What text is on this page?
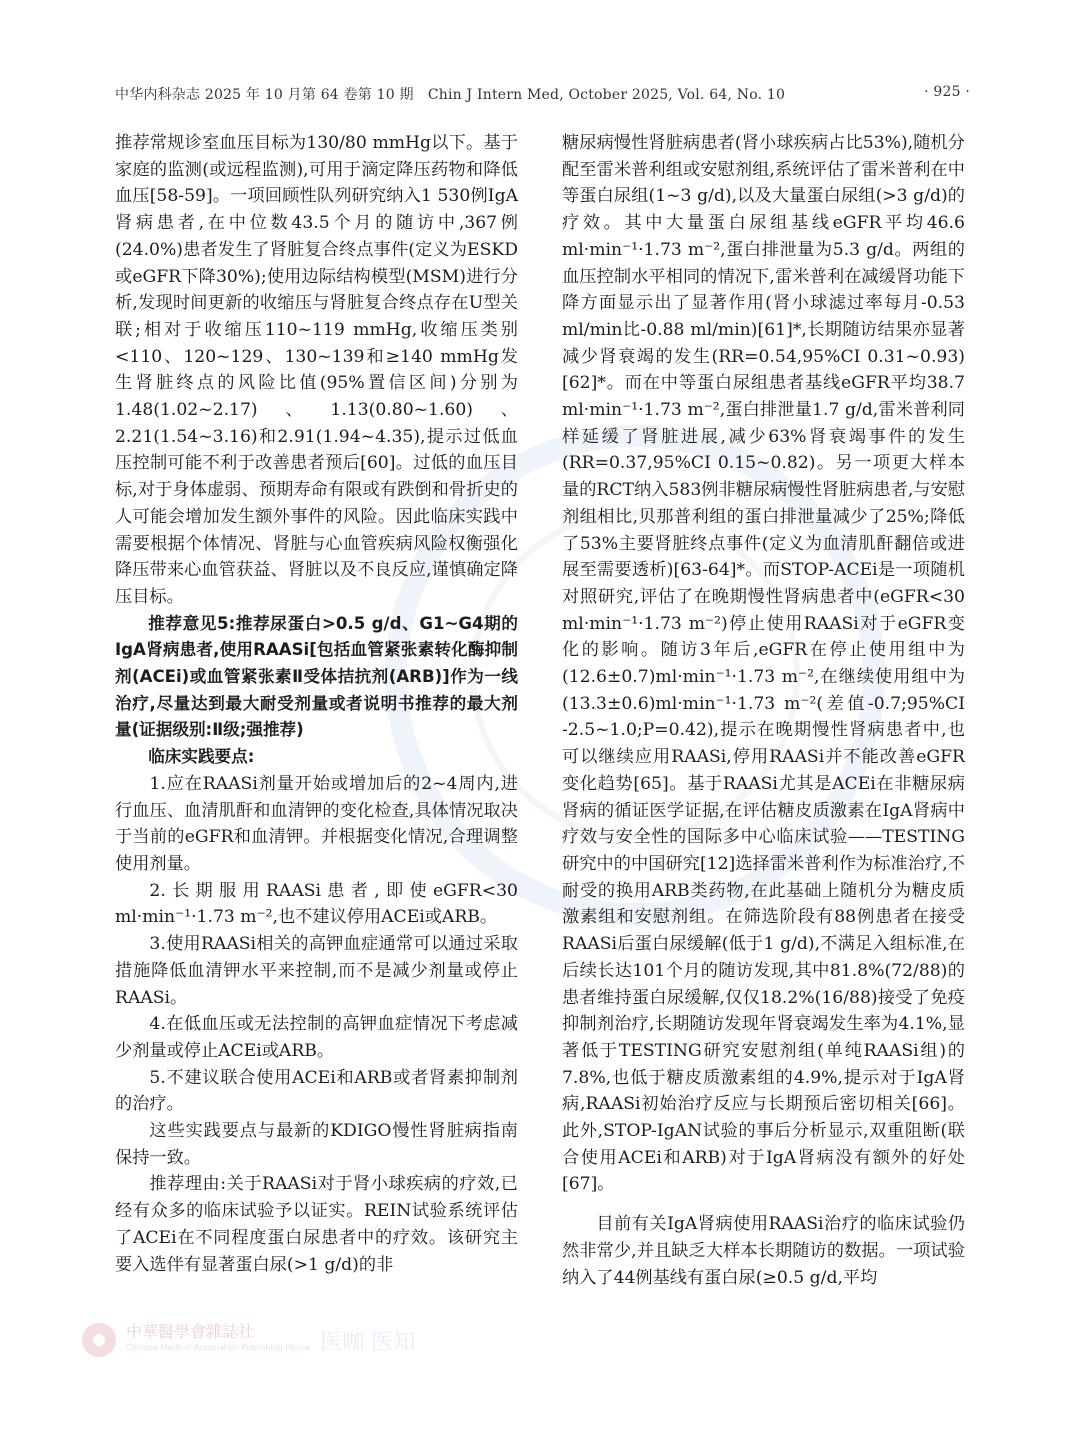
中华内科杂志 2025 年 10 月第 64 卷第 10 期　Chin J Intern Med, October 2025, Vol. 64, No. 10	· 925 ·

推荐常规诊室血压目标为130/80 mmHg以下。基于家庭的监测(或远程监测),可用于滴定降压药物和降低血压[58-59]。一项回顾性队列研究纳入1 530例IgA肾病患者,在中位数43.5个月的随访中,367例(24.0%)患者发生了肾脏复合终点事件(定义为ESKD或eGFR下降30%);使用边际结构模型(MSM)进行分析,发现时间更新的收缩压与肾脏复合终点存在U型关联;相对于收缩压110~119 mmHg,收缩压类别<110、120~129、130~139和≥140 mmHg发生肾脏终点的风险比值(95%置信区间)分别为1.48(1.02~2.17)、1.13(0.80~1.60)、2.21(1.54~3.16)和2.91(1.94~4.35),提示过低血压控制可能不利于改善患者预后[60]。过低的血压目标,对于身体虚弱、预期寿命有限或有跌倒和骨折史的人可能会增加发生额外事件的风险。因此临床实践中需要根据个体情况、肾脏与心血管疾病风险权衡强化降压带来心血管获益、肾脏以及不良反应,谨慎确定降压目标。

推荐意见5:推荐尿蛋白>0.5 g/d、G1~G4期的IgA肾病患者,使用RAASi[包括血管紧张素转化酶抑制剂(ACEi)或血管紧张素Ⅱ受体拮抗剂(ARB)]作为一线治疗,尽量达到最大耐受剂量或者说明书推荐的最大剂量(证据级别:Ⅱ级;强推荐)

临床实践要点:

1.应在RAASi剂量开始或增加后的2~4周内,进行血压、血清肌酐和血清钾的变化检查,具体情况取决于当前的eGFR和血清钾。并根据变化情况,合理调整使用剂量。

2.长期服用RAASi患者,即使eGFR<30 ml·min⁻¹·1.73 m⁻²,也不建议停用ACEi或ARB。

3.使用RAASi相关的高钾血症通常可以通过采取措施降低血清钾水平来控制,而不是减少剂量或停止RAASi。

4.在低血压或无法控制的高钾血症情况下考虑减少剂量或停止ACEi或ARB。

5.不建议联合使用ACEi和ARB或者肾素抑制剂的治疗。

这些实践要点与最新的KDIGO慢性肾脏病指南保持一致。

推荐理由:关于RAASi对于肾小球疾病的疗效,已经有众多的临床试验予以证实。REIN试验系统评估了ACEi在不同程度蛋白尿患者中的疗效。该研究主要入选伴有显著蛋白尿(>1 g/d)的非

糖尿病慢性肾脏病患者(肾小球疾病占比53%),随机分配至雷米普利组或安慰剂组,系统评估了雷米普利在中等蛋白尿组(1~3 g/d),以及大量蛋白尿组(>3 g/d)的疗效。其中大量蛋白尿组基线eGFR平均46.6 ml·min⁻¹·1.73 m⁻²,蛋白排泄量为5.3 g/d。两组的血压控制水平相同的情况下,雷米普利在减缓肾功能下降方面显示出了显著作用(肾小球滤过率每月-0.53 ml/min比-0.88 ml/min)[61]*,长期随访结果亦显著减少肾衰竭的发生(RR=0.54,95%CI 0.31~0.93)[62]*。而在中等蛋白尿组患者基线eGFR平均38.7 ml·min⁻¹·1.73 m⁻²,蛋白排泄量1.7 g/d,雷米普利同样延缓了肾脏进展,减少63%肾衰竭事件的发生(RR=0.37,95%CI 0.15~0.82)。另一项更大样本量的RCT纳入583例非糖尿病慢性肾脏病患者,与安慰剂组相比,贝那普利组的蛋白排泄量减少了25%;降低了53%主要肾脏终点事件(定义为血清肌酐翻倍或进展至需要透析)[63-64]*。而STOP-ACEi是一项随机对照研究,评估了在晚期慢性肾病患者中(eGFR<30 ml·min⁻¹·1.73 m⁻²)停止使用RAASi对于eGFR变化的影响。随访3年后,eGFR在停止使用组中为(12.6±0.7)ml·min⁻¹·1.73 m⁻²,在继续使用组中为(13.3±0.6)ml·min⁻¹·1.73 m⁻²(差值-0.7;95%CI -2.5~1.0;P=0.42),提示在晚期慢性肾病患者中,也可以继续应用RAASi,停用RAASi并不能改善eGFR变化趋势[65]。基于RAASi尤其是ACEi在非糖尿病肾病的循证医学证据,在评估糖皮质激素在IgA肾病中疗效与安全性的国际多中心临床试验——TESTING研究中的中国研究[12]选择雷米普利作为标准治疗,不耐受的换用ARB类药物,在此基础上随机分为糖皮质激素组和安慰剂组。在筛选阶段有88例患者在接受RAASi后蛋白尿缓解(低于1 g/d),不满足入组标准,在后续长达101个月的随访发现,其中81.8%(72/88)的患者维持蛋白尿缓解,仅仅18.2%(16/88)接受了免疫抑制剂治疗,长期随访发现年肾衰竭发生率为4.1%,显著低于TESTING研究安慰剂组(单纯RAASi组)的7.8%,也低于糖皮质激素组的4.9%,提示对于IgA肾病,RAASi初始治疗反应与长期预后密切相关[66]。此外,STOP-IgAN试验的事后分析显示,双重阻断(联合使用ACEi和ARB)对于IgA肾病没有额外的好处[67]。

目前有关IgA肾病使用RAASi治疗的临床试验仍然非常少,并且缺乏大样本长期随访的数据。一项试验纳入了44例基线有蛋白尿(≥0.5 g/d,平均

中華醫學會雜誌社
Chinese Medical Association Publishing House 医咖 医知
